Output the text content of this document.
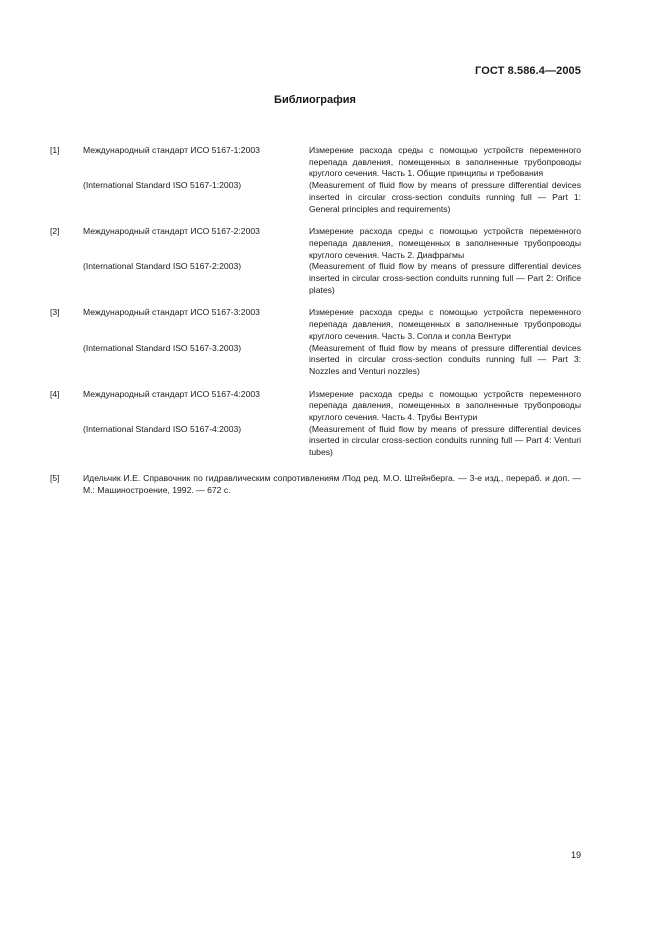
ГОСТ 8.586.4—2005
Библиография
[1]	Международный стандарт ИСО 5167-1:2003	Измерение расхода среды с помощью устройств переменного перепада давления, помещенных в заполненные трубопроводы круглого сечения. Часть 1. Общие принципы и требования
(International Standard ISO 5167-1:2003)	(Measurement of fluid flow by means of pressure differential devices inserted in circular cross-section conduits running full — Part 1: General principles and requirements)
[2]	Международный стандарт ИСО 5167-2:2003	Измерение расхода среды с помощью устройств переменного перепада давления, помещенных в заполненные трубопроводы круглого сечения. Часть 2. Диафрагмы
(International Standard ISO 5167-2:2003)	(Measurement of fluid flow by means of pressure differential devices inserted in circular cross-section conduits running full — Part 2: Orifice plates)
[3]	Международный стандарт ИСО 5167-3:2003	Измерение расхода среды с помощью устройств переменного перепада давления, помещенных в заполненные трубопроводы круглого сечения. Часть 3. Сопла и сопла Вентури
(International Standard ISO 5167-3.2003)	(Measurement of fluid flow by means of pressure differential devices inserted in circular cross-section conduits running full — Part 3: Nozzles and Venturi nozzles)
[4]	Международный стандарт ИСО 5167-4:2003	Измерение расхода среды с помощью устройств переменного перепада давления, помещенных в заполненные трубопроводы круглого сечения. Часть 4. Трубы Вентури
(International Standard ISO 5167-4:2003)	(Measurement of fluid flow by means of pressure differential devices inserted in circular cross-section conduits running full — Part 4: Venturi tubes)
[5]	Идельчик И.Е. Справочник по гидравлическим сопротивлениям /Под ред. М.О. Штейнберга. — 3-е изд., перераб. и доп. — М.: Машиностроение, 1992. — 672 с.
19
